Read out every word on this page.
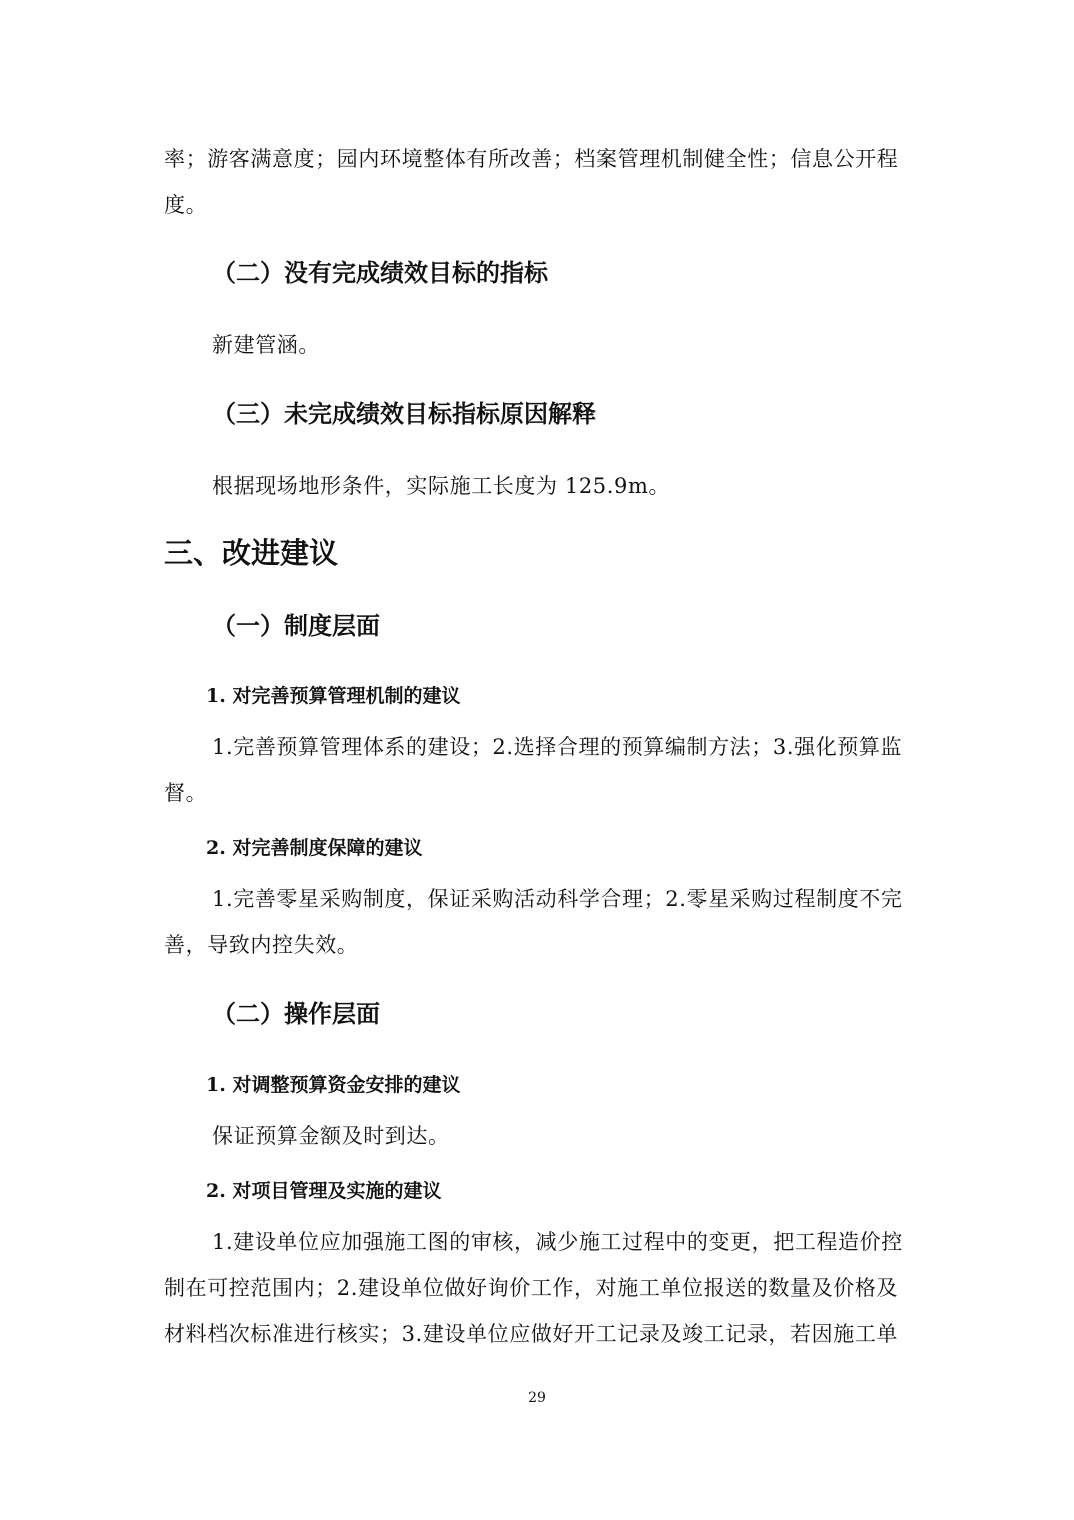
率；游客满意度；园内环境整体有所改善；档案管理机制健全性；信息公开程度。

（二）没有完成绩效目标的指标

新建管涵。

（三）未完成绩效目标指标原因解释

根据现场地形条件，实际施工长度为 125.9m。

三、改进建议
（一）制度层面
1. 对完善预算管理机制的建议

1.完善预算管理体系的建设；2.选择合理的预算编制方法；3.强化预算监督。

2. 对完善制度保障的建议

1.完善零星采购制度，保证采购活动科学合理；2.零星采购过程制度不完善，导致内控失效。

（二）操作层面
1. 对调整预算资金安排的建议

保证预算金额及时到达。

2. 对项目管理及实施的建议

1.建设单位应加强施工图的审核，减少施工过程中的变更，把工程造价控制在可控范围内；2.建设单位做好询价工作，对施工单位报送的数量及价格及材料档次标准进行核实；3.建设单位应做好开工记录及竣工记录，若因施工单

29
